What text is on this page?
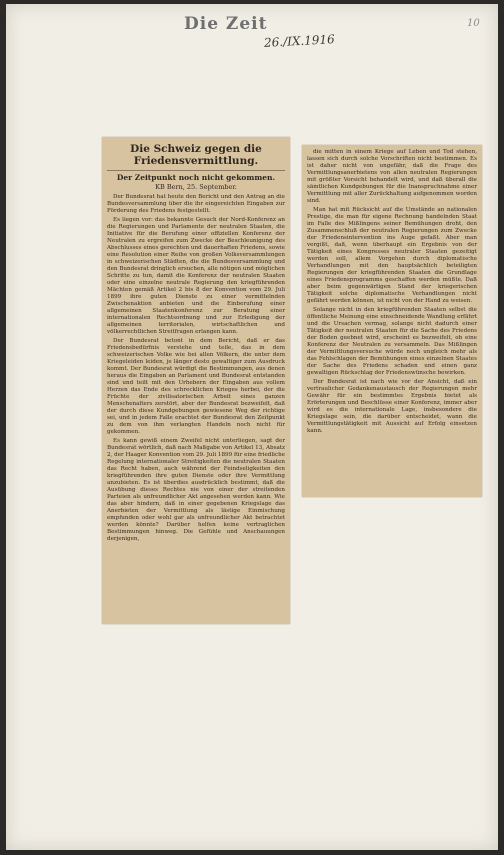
Die Zeit
26./IX.1916
10
Die Schweiz gegen die Friedensvermittlung.
Der Zeitpunkt noch nicht gekommen.
KB Bern, 25. September.

Der Bundesrat hat heute den Bericht und den Antrag an die Bundesversammlung über die ihr eingereichten Eingaben zur Förderung des Friedens festgestellt.

Es liegen vor: das bekannte Gesuch der Nord-Konferenz an die Regierungen und Parlamente der neutralen Staaten, die Initiative für die Berufung einer offiziellen Konferenz der Neutralen zu ergreifen zum Zwecke der Beschleunigung des Abschlusses eines gerechten und dauerhaften Friedens, sowie eine Resolution einer Reihe von großen Volksversammlungen in schweizerischen Städten, die die Bundesversammlung und den Bundesrat dringlich ersuchen, alle nötigen und möglichen Schritte zu tun, damit die Konferenz der neutralen Staaten oder eine einzelne neutrale Regierung den kriegführenden Mächten gemäß Artikel 2 bis 8 der Konvention vom 29. Juli 1899 ihre guten Dienste zu einer vermittelnden Zwischenaktion anbieten und die Einberufung einer allgemeinen Staatenkonferenz zur Beratung einer internationalen Rechtsordnung und zur Erledigung der allgemeinen territorialen, wirtschaftlichen und völkerrechtlichen Streitfragen erlangen kann.

Der Bundesrat betont in dem Bericht, daß er das Friedensbedürfnis verstehe und teile, das in dem schweizerischen Volke wie bei allen Völkern, die unter dem Kriegeleiden leiden, je länger desto gewaltiger zum Ausdruck kommt. Der Bundesrat würdigt die Bestimmungen, aus denen heraus die Eingaben an Parlament und Bundesrat entstanden sind und teilt mit den Urhebern der Eingaben aus vollem Herzen das Ende des schrecklichen Krieges herbei, der die Früchte der zivilisatorischen Arbeit eines ganzen Menschenalters zerstört, aber der Bundesrat bezweifelt, daß der durch diese Kundgebungen gewiesene Weg der richtige sei, und in jedem Falle erachtet der Bundesrat den Zeitpunkt zu dem von ihm verlangten Handeln noch nicht für gekommen.

Es kann gewiß einem Zweifel nicht unterliegen, sagt der Bundesrat wörtlich, daß nach Maßgabe von Artikel 13, Absatz 2, der Haager Konvention vom 29. Juli 1899 für eine friedliche Regelung internationaler Streitigkeiten die neutralen Staaten das Recht haben, auch während der Feindseligkeiten den kriegführenden ihre guten Dienste oder ihre Vermittlung anzubieten. Es ist überdies ausdrücklich bestimmt, daß die Ausübung dieses Rechtes nie von einer der streitenden Parteien als unfreundlicher Akt angesehen werden kann. Wie das aber hindern, daß in einer gegebenen Kriegslage das Anerbieten der Vermittlung als lästige Einmischung empfunden oder wohl gar als unfreundlicher Akt betrachtet werden könnte? Darüber helfen keine vertraglichen Bestimmungen hinweg. Die Gefühle und Anschauungen derjenigen,

die mitten in einem Kriege auf Leben und Tod stehen, lassen sich durch solche Vorschriften nicht bestimmen. Es ist daher nicht von ungefähr, daß die Frage des Vermittlungsanerbietens von allen neutralen Regierungen mit größter Vorsicht behandelt wird, und daß überall die sämtlichen Kundgebungen für die Inanspruchnahme einer Vermittlung mit aller Zurückhaltung aufgenommen worden sind.

Man hat mit Rücksicht auf die Umstände an nationalen Prestige, die man für eigene Rechnung handelnden Staat im Falle des Mißlingens seiner Bemühungen droht, den Zusammenschluß der neutralen Regierungen zum Zwecke der Friedensintervention ins Auge gefaßt. Aber man vergißt, daß, wenn überhaupt ein Ergebnis von der Tätigkeit eines Kongresses neutraler Staaten gezeitigt werden soll, allem Vorgehen durch diplomatische Verhandlungen mit den hauptsächlich beteiligten Regierungen der kriegführenden Staaten die Grundlage eines Friedensprogramms geschaffen werden müßte. Daß aber beim gegenwärtigen Stand der kriegerischen Tätigkeit solche diplomatische Verhandlungen nicht gefährt werden können, ist nicht von der Hand zu weisen.

Solange nicht in den kriegführenden Staaten selbst die öffentliche Meinung eine einschneidende Wandlung erfährt und die Ursachen vermag, solange nicht dadurch einer Tätigkeit der neutralen Staaten für die Sache des Friedens der Boden geebnet wird, erscheint es bezweifelt, ob eine Konferenz der Neutralen zu versammeln. Das Mißlingen der Vermittlungsversuche würde noch ungleich mehr als das Fehlschlagen der Bemühungen eines einzelnen Staates der Sache des Friedens schaden und einen ganz gewaltigen Rückschlag der Friedenswünsche bewirken.

Der Bundesrat ist nach wie vor der Ansicht, daß ein vertraulicher Gedankenaustausch der Regierungen mehr Gewähr für ein bestimmtes Ergebnis bietet als Erörterungen und Beschlüsse einer Konferenz, immer aber wird es die internationale Lage, insbesondere die Kriegslage sein, die darüber entscheidet, wann die Vermittlungstätigkeit mit Aussicht auf Erfolg einsetzen kann.
